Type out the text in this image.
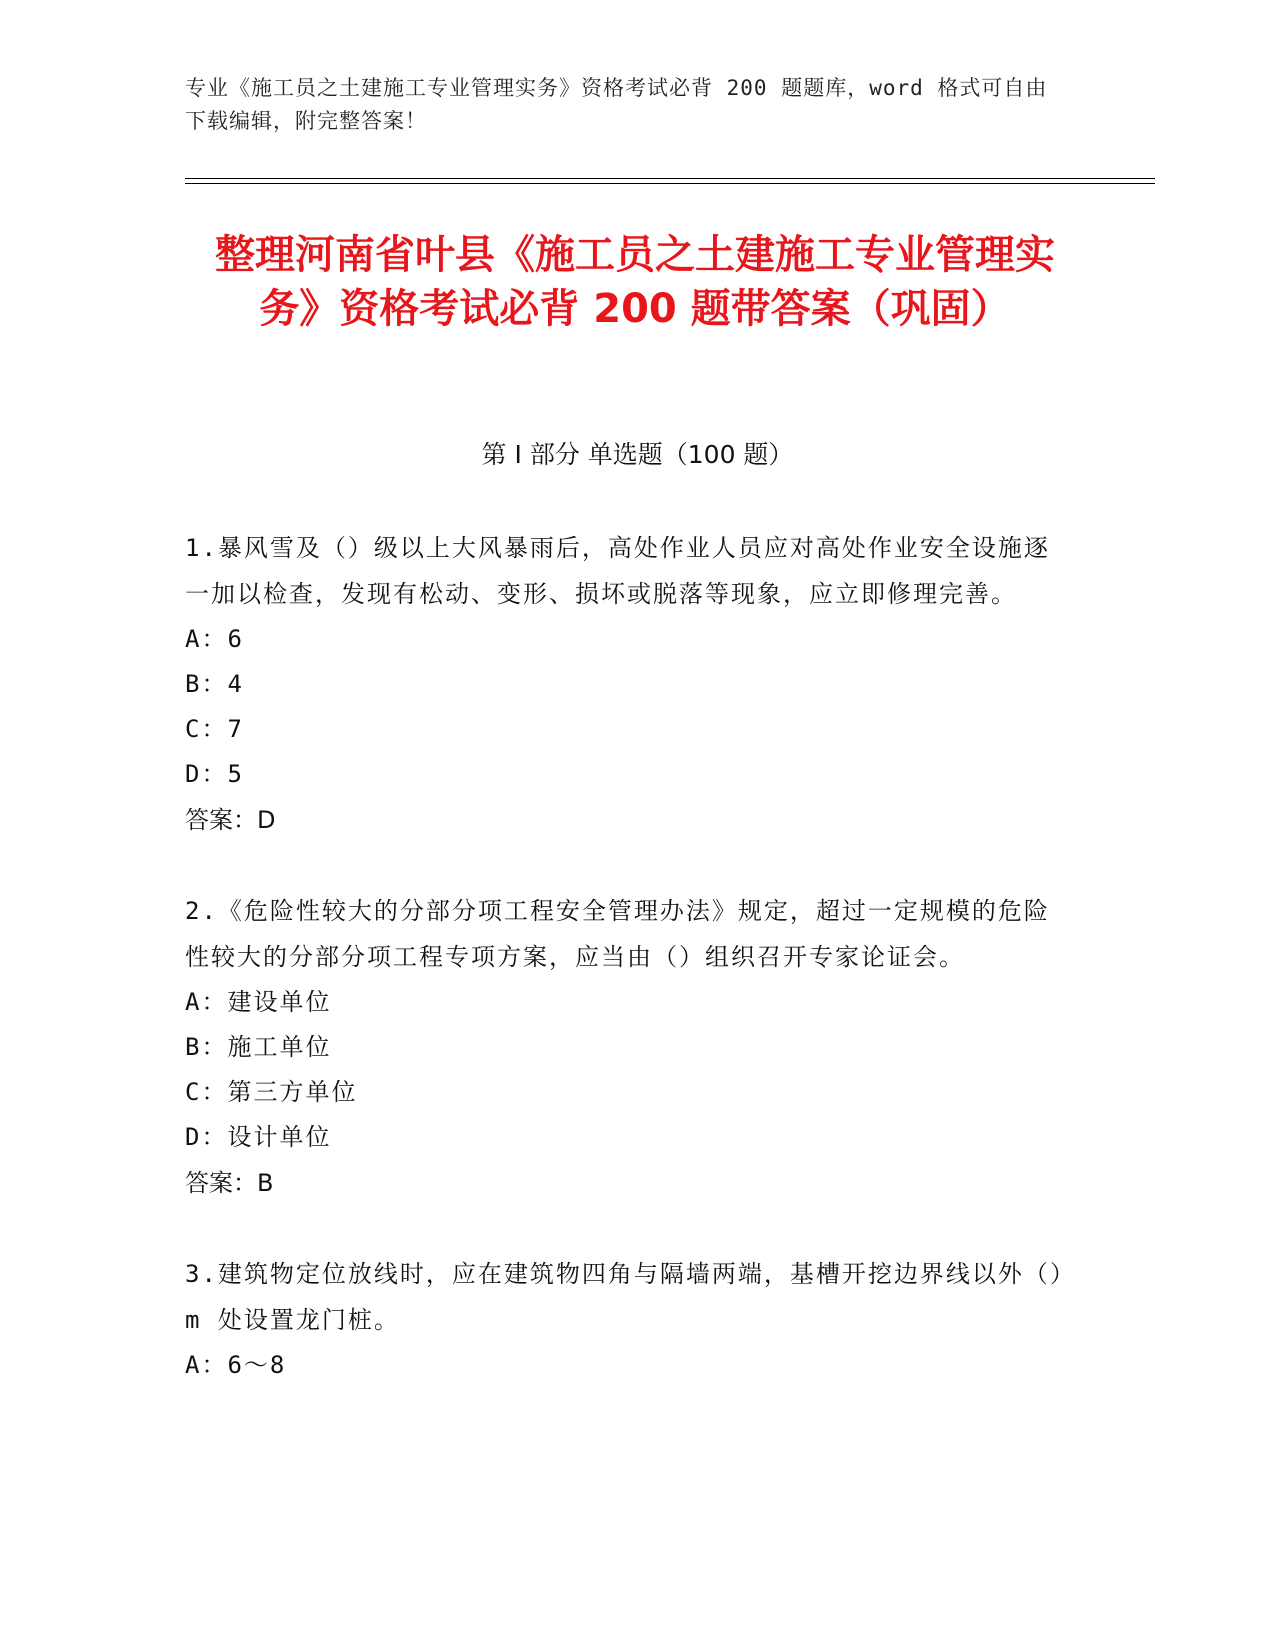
专业《施工员之土建施工专业管理实务》资格考试必背 200 题题库，word 格式可自由下载编辑，附完整答案！
整理河南省叶县《施工员之土建施工专业管理实务》资格考试必背 200 题带答案（巩固）
第 I 部分 单选题（100 题）

1.暴风雪及（）级以上大风暴雨后，高处作业人员应对高处作业安全设施逐一加以检查，发现有松动、变形、损坏或脱落等现象，应立即修理完善。

A：6

B：4

C：7

D：5

答案：D

2.《危险性较大的分部分项工程安全管理办法》规定，超过一定规模的危险性较大的分部分项工程专项方案，应当由（）组织召开专家论证会。

A：建设单位

B：施工单位

C：第三方单位

D：设计单位

答案：B

3.建筑物定位放线时，应在建筑物四角与隔墙两端，基槽开挖边界线以外（）m 处设置龙门桩。

A：6～8
